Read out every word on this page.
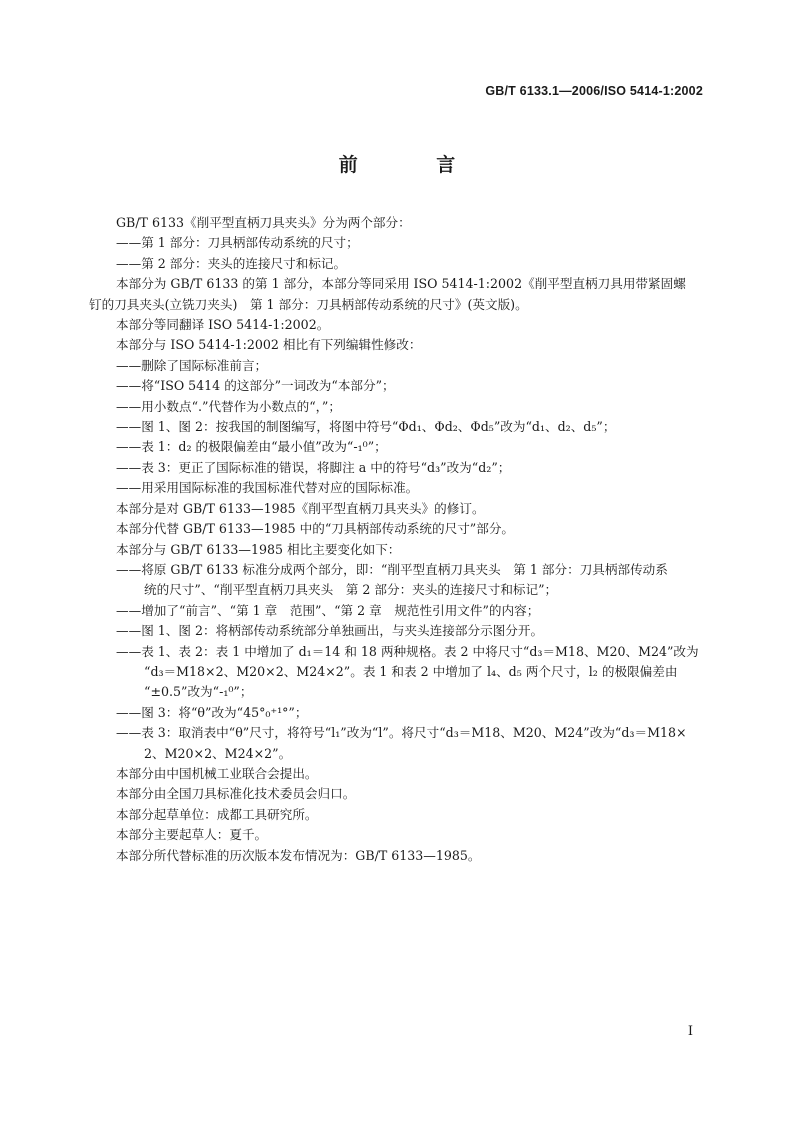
GB/T 6133.1—2006/ISO 5414-1:2002
前 言

GB/T 6133《削平型直柄刀具夹头》分为两个部分：

——第 1 部分：刀具柄部传动系统的尺寸；

——第 2 部分：夹头的连接尺寸和标记。

本部分为 GB/T 6133 的第 1 部分，本部分等同采用 ISO 5414-1:2002《削平型直柄刀具用带紧固螺

钉的刀具夹头(立铣刀夹头)　第 1 部分：刀具柄部传动系统的尺寸》(英文版)。

本部分等同翻译 ISO 5414-1:2002。

本部分与 ISO 5414-1:2002 相比有下列编辑性修改：

——删除了国际标准前言；

——将“ISO 5414 的这部分”一词改为“本部分”；

——用小数点“.”代替作为小数点的“，”；

——图 1、图 2：按我国的制图编写，将图中符号“Φd₁、Φd₂、Φd₅”改为“d₁、d₂、d₅”；

——表 1：d₂ 的极限偏差由“最小值”改为“-₁⁰”；

——表 3：更正了国际标准的错误，将脚注 a 中的符号“d₃”改为“d₂”；

——用采用国际标准的我国标准代替对应的国际标准。

本部分是对 GB/T 6133—1985《削平型直柄刀具夹头》的修订。

本部分代替 GB/T 6133—1985 中的“刀具柄部传动系统的尺寸”部分。

本部分与 GB/T 6133—1985 相比主要变化如下：

——将原 GB/T 6133 标准分成两个部分，即：“削平型直柄刀具夹头　第 1 部分：刀具柄部传动系

统的尺寸”、“削平型直柄刀具夹头　第 2 部分：夹头的连接尺寸和标记”；

——增加了“前言”、“第 1 章　范围”、“第 2 章　规范性引用文件”的内容；

——图 1、图 2：将柄部传动系统部分单独画出，与夹头连接部分示图分开。

——表 1、表 2：表 1 中增加了 d₁＝14 和 18 两种规格。表 2 中将尺寸“d₃＝M18、M20、M24”改为

“d₃＝M18×2、M20×2、M24×2”。表 1 和表 2 中增加了 l₄、d₅ 两个尺寸，l₂ 的极限偏差由

“±0.5”改为“-₁⁰”；

——图 3：将“θ”改为“45°₀⁺¹°”；

——表 3：取消表中“θ”尺寸，将符号“l₁”改为“l”。将尺寸“d₃＝M18、M20、M24”改为“d₃＝M18×

2、M20×2、M24×2”。

本部分由中国机械工业联合会提出。

本部分由全国刀具标准化技术委员会归口。

本部分起草单位：成都工具研究所。

本部分主要起草人：夏千。

本部分所代替标准的历次版本发布情况为：GB/T 6133—1985。

I
